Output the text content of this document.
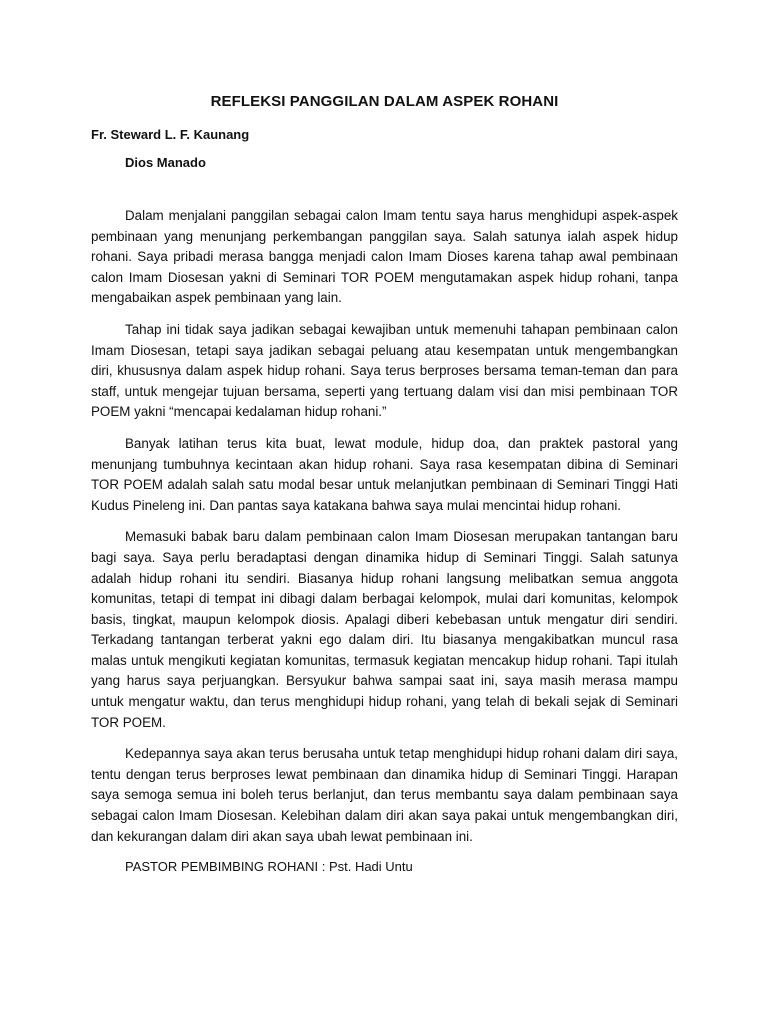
REFLEKSI PANGGILAN DALAM ASPEK ROHANI
Fr. Steward L. F. Kaunang
Dios Manado

Dalam menjalani panggilan sebagai calon Imam tentu saya harus menghidupi aspek-aspek pembinaan yang menunjang perkembangan panggilan saya. Salah satunya ialah aspek hidup rohani. Saya pribadi merasa bangga menjadi calon Imam Dioses karena tahap awal pembinaan calon Imam Diosesan yakni di Seminari TOR POEM mengutamakan aspek hidup rohani, tanpa mengabaikan aspek pembinaan yang lain.

Tahap ini tidak saya jadikan sebagai kewajiban untuk memenuhi tahapan pembinaan calon Imam Diosesan, tetapi saya jadikan sebagai peluang atau kesempatan untuk mengembangkan diri, khususnya dalam aspek hidup rohani. Saya terus berproses bersama teman-teman dan para staff, untuk mengejar tujuan bersama, seperti yang tertuang dalam visi dan misi pembinaan TOR POEM yakni “mencapai kedalaman hidup rohani.”

Banyak latihan terus kita buat, lewat module, hidup doa, dan praktek pastoral yang menunjang tumbuhnya kecintaan akan hidup rohani. Saya rasa kesempatan dibina di Seminari TOR POEM adalah salah satu modal besar untuk melanjutkan pembinaan di Seminari Tinggi Hati Kudus Pineleng ini. Dan pantas saya katakana bahwa saya mulai mencintai hidup rohani.

Memasuki babak baru dalam pembinaan calon Imam Diosesan merupakan tantangan baru bagi saya. Saya perlu beradaptasi dengan dinamika hidup di Seminari Tinggi. Salah satunya adalah hidup rohani itu sendiri. Biasanya hidup rohani langsung melibatkan semua anggota komunitas, tetapi di tempat ini dibagi dalam berbagai kelompok, mulai dari komunitas, kelompok basis, tingkat, maupun kelompok diosis. Apalagi diberi kebebasan untuk mengatur diri sendiri. Terkadang tantangan terberat yakni ego dalam diri. Itu biasanya mengakibatkan muncul rasa malas untuk mengikuti kegiatan komunitas, termasuk kegiatan mencakup hidup rohani. Tapi itulah yang harus saya perjuangkan. Bersyukur bahwa sampai saat ini, saya masih merasa mampu untuk mengatur waktu, dan terus menghidupi hidup rohani, yang telah di bekali sejak di Seminari TOR POEM.

Kedepannya saya akan terus berusaha untuk tetap menghidupi hidup rohani dalam diri saya, tentu dengan terus berproses lewat pembinaan dan dinamika hidup di Seminari Tinggi. Harapan saya semoga semua ini boleh terus berlanjut, dan terus membantu saya dalam pembinaan saya sebagai calon Imam Diosesan. Kelebihan dalam diri akan saya pakai untuk mengembangkan diri, dan kekurangan dalam diri akan saya ubah lewat pembinaan ini.

PASTOR PEMBIMBING ROHANI : Pst. Hadi Untu
